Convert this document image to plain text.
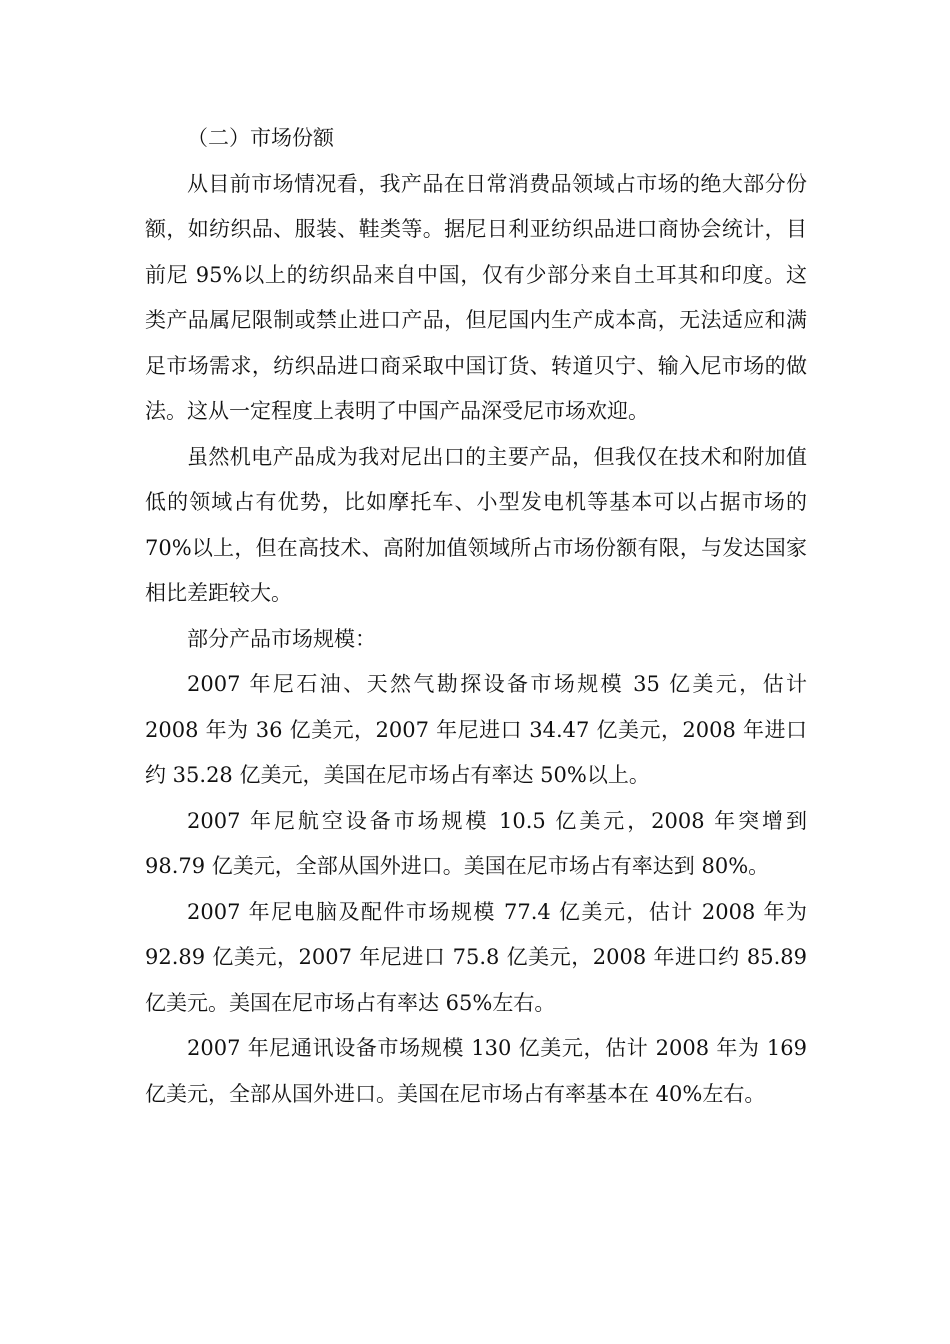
（二）市场份额

从目前市场情况看，我产品在日常消费品领域占市场的绝大部分份额，如纺织品、服装、鞋类等。据尼日利亚纺织品进口商协会统计，目前尼 95%以上的纺织品来自中国，仅有少部分来自土耳其和印度。这类产品属尼限制或禁止进口产品，但尼国内生产成本高，无法适应和满足市场需求，纺织品进口商采取中国订货、转道贝宁、输入尼市场的做法。这从一定程度上表明了中国产品深受尼市场欢迎。

虽然机电产品成为我对尼出口的主要产品，但我仅在技术和附加值低的领域占有优势，比如摩托车、小型发电机等基本可以占据市场的 70%以上，但在高技术、高附加值领域所占市场份额有限，与发达国家相比差距较大。

部分产品市场规模：

2007 年尼石油、天然气勘探设备市场规模 35 亿美元，估计 2008 年为 36 亿美元，2007 年尼进口 34.47 亿美元，2008 年进口约 35.28 亿美元，美国在尼市场占有率达 50%以上。

2007 年尼航空设备市场规模 10.5 亿美元，2008 年突增到 98.79 亿美元，全部从国外进口。美国在尼市场占有率达到 80%。

2007 年尼电脑及配件市场规模 77.4 亿美元，估计 2008 年为 92.89 亿美元，2007 年尼进口 75.8 亿美元，2008 年进口约 85.89 亿美元。美国在尼市场占有率达 65%左右。

2007 年尼通讯设备市场规模 130 亿美元，估计 2008 年为 169 亿美元，全部从国外进口。美国在尼市场占有率基本在 40%左右。
